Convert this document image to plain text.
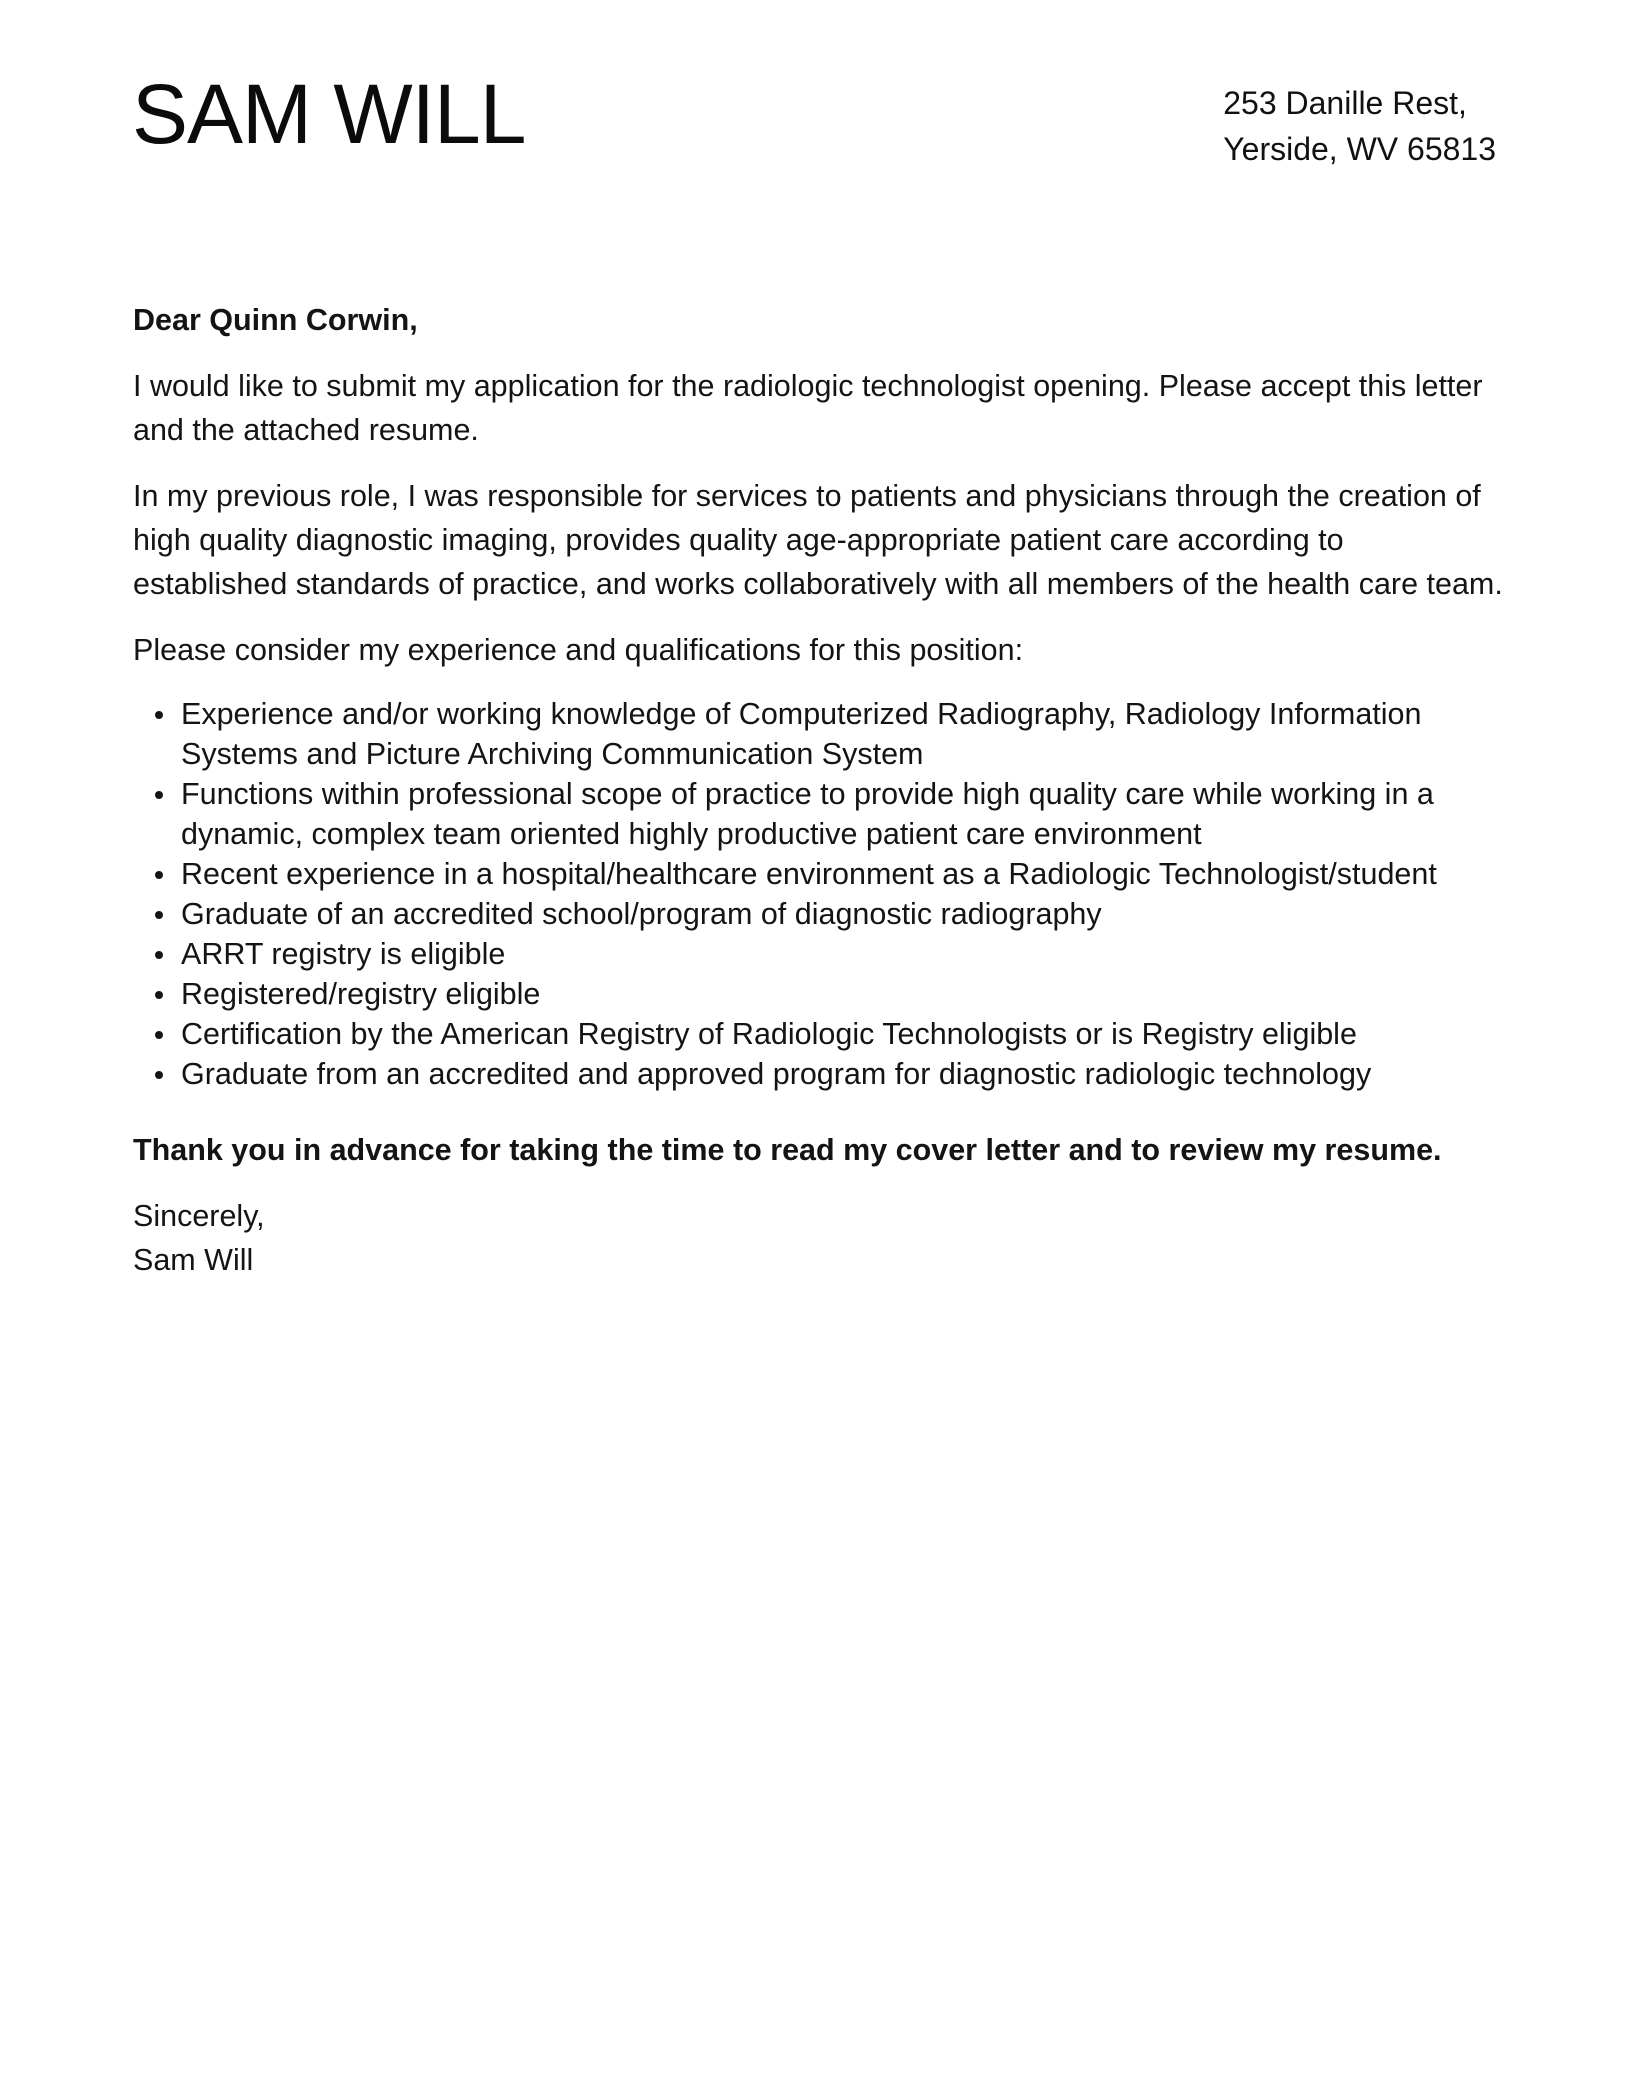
SAM WILL	253 Danille Rest,
Yerside, WV 65813

Dear Quinn Corwin,

I would like to submit my application for the radiologic technologist opening. Please accept this letter and the attached resume.

In my previous role, I was responsible for services to patients and physicians through the creation of high quality diagnostic imaging, provides quality age-appropriate patient care according to established standards of practice, and works collaboratively with all members of the health care team.

Please consider my experience and qualifications for this position:

Experience and/or working knowledge of Computerized Radiography, Radiology Information Systems and Picture Archiving Communication System
Functions within professional scope of practice to provide high quality care while working in a dynamic, complex team oriented highly productive patient care environment
Recent experience in a hospital/healthcare environment as a Radiologic Technologist/student
Graduate of an accredited school/program of diagnostic radiography
ARRT registry is eligible
Registered/registry eligible
Certification by the American Registry of Radiologic Technologists or is Registry eligible
Graduate from an accredited and approved program for diagnostic radiologic technology

Thank you in advance for taking the time to read my cover letter and to review my resume.

Sincerely,

Sam Will
